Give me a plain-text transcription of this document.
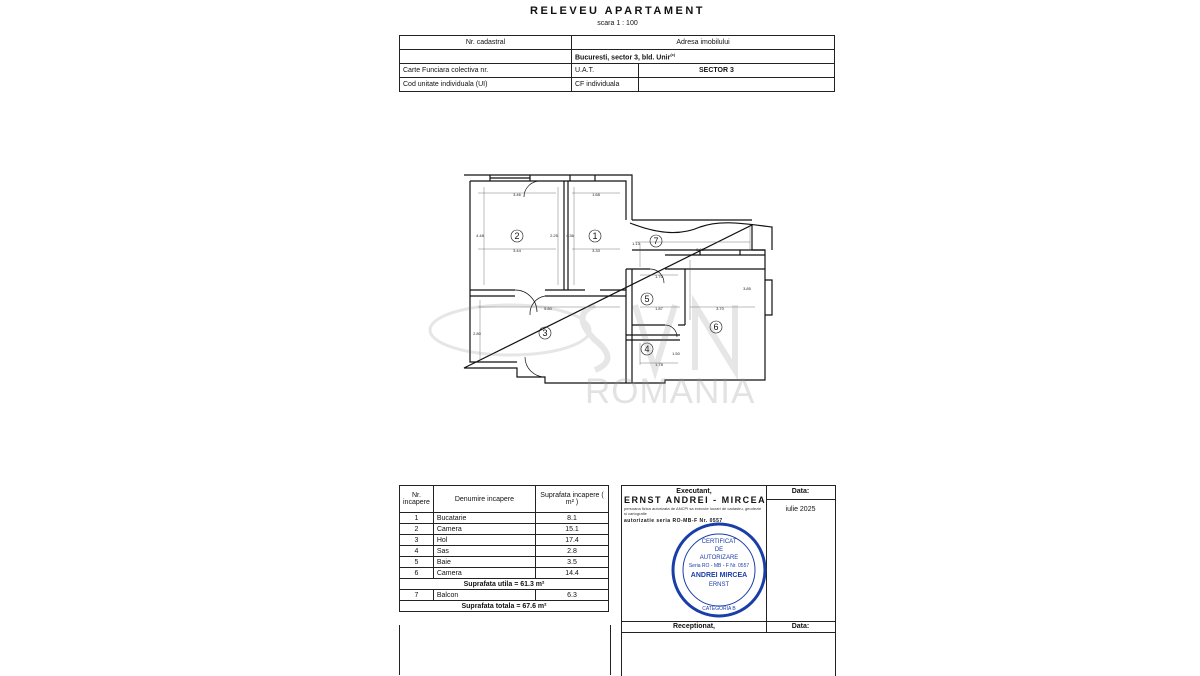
RELEVEU APARTAMENT
scara 1 : 100
Nr. cadastral	Adresa imobilului	
	Bucuresti, sector 3, bld. Unir$^{(c)}$
Carte Funciara colectiva nr.	U.A.T.	SECTOR 3
Cod unitate individuala (UI)	CF individuala	
2	1	7
5
6
3
4
3.46	1.68
4.48	2.25 4.36
3.44	3.33	9.00
1.13
1.70
5.80	1.87	3.70
3.85
2.80
1.50
1.78
ROMANIA
Nr. incapere	Denumire incapere	Suprafata incapere ( m² )
1	Bucatarie	8.1
2	Camera	15.1
3	Hol	17.4
4	Sas	2.8
5	Baie	3.5
6	Camera	14.4
Suprafata utila = 61.3 m²		
7	Balcon	6.3
Suprafata totala = 67.6 m²		
Executant,
ERNST ANDREI - MIRCEA
persoana fizica autorizata de ANCPI sa execute lucrari de cadastru, geodezie si cartografie
autorizatie seria RO-MB-F Nr. 0557
Data:
iulie 2025
CERTIFICAT
DE
AUTORIZARE
Seria RO - MB - F Nr. 0557
ANDREI MIRCEA
ERNST
CATEGORIA B
Receptionat,	Data:
